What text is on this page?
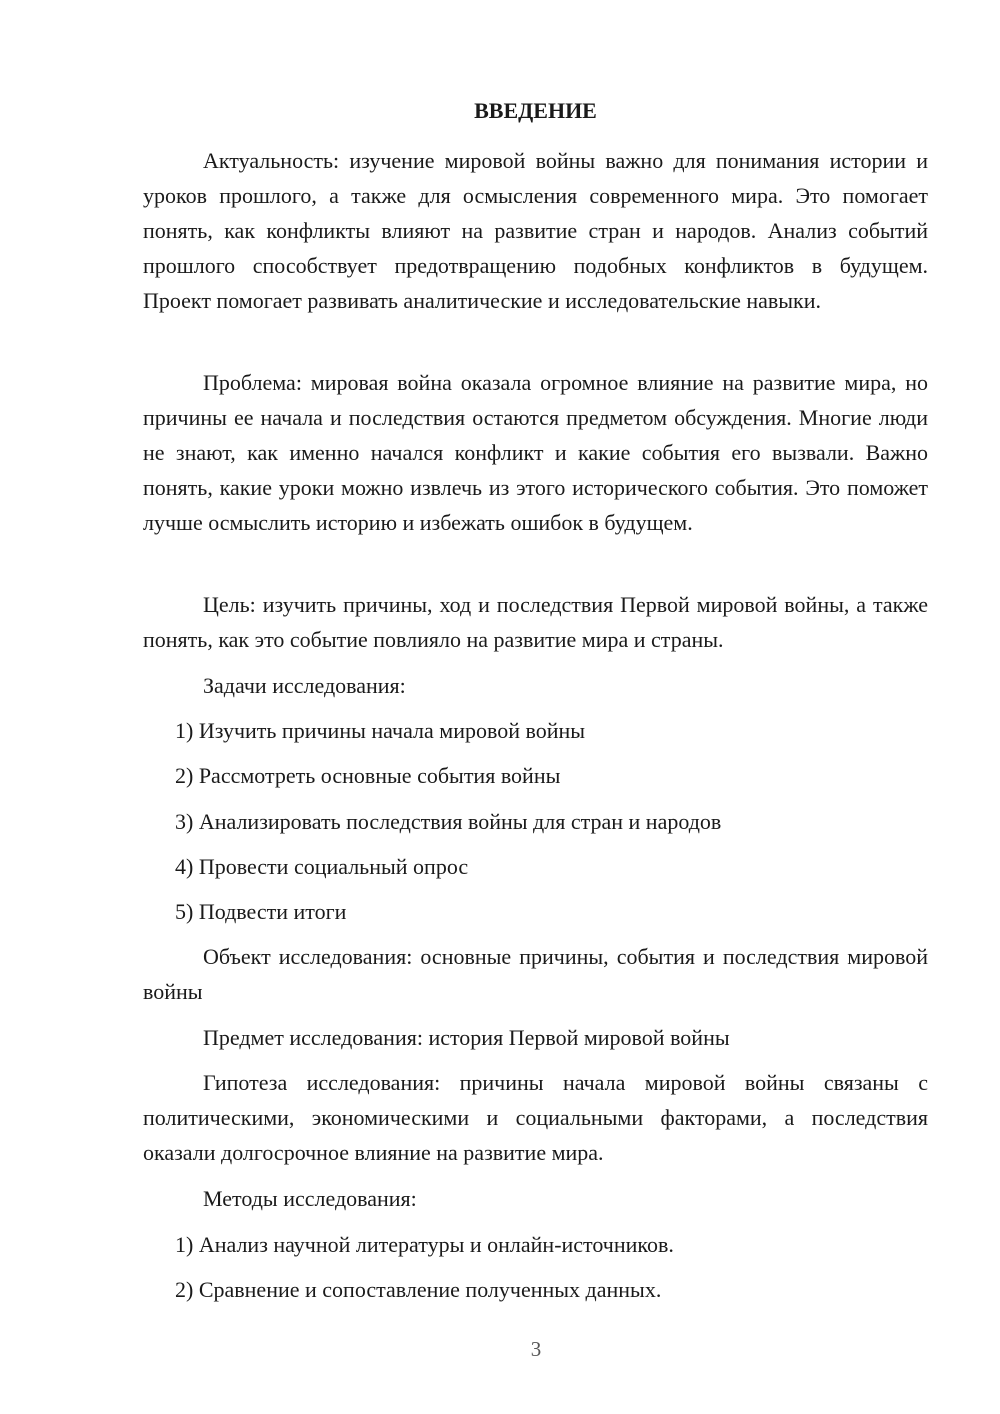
ВВЕДЕНИЕ

Актуальность: изучение мировой войны важно для понимания истории и уроков прошлого, а также для осмысления современного мира. Это помогает понять, как конфликты влияют на развитие стран и народов. Анализ событий прошлого способствует предотвращению подобных конфликтов в будущем. Проект помогает развивать аналитические и исследовательские навыки.

Проблема: мировая война оказала огромное влияние на развитие мира, но причины ее начала и последствия остаются предметом обсуждения. Многие люди не знают, как именно начался конфликт и какие события его вызвали. Важно понять, какие уроки можно извлечь из этого исторического события. Это поможет лучше осмыслить историю и избежать ошибок в будущем.

Цель: изучить причины, ход и последствия Первой мировой войны, а также понять, как это событие повлияло на развитие мира и страны.

Задачи исследования:

1) Изучить причины начала мировой войны

2) Рассмотреть основные события войны

3) Анализировать последствия войны для стран и народов

4) Провести социальный опрос

5) Подвести итоги

Объект исследования: основные причины, события и последствия мировой войны

Предмет исследования: история Первой мировой войны

Гипотеза исследования: причины начала мировой войны связаны с политическими, экономическими и социальными факторами, а последствия оказали долгосрочное влияние на развитие мира.

Методы исследования:

1) Анализ научной литературы и онлайн-источников.

2) Сравнение и сопоставление полученных данных.

3
